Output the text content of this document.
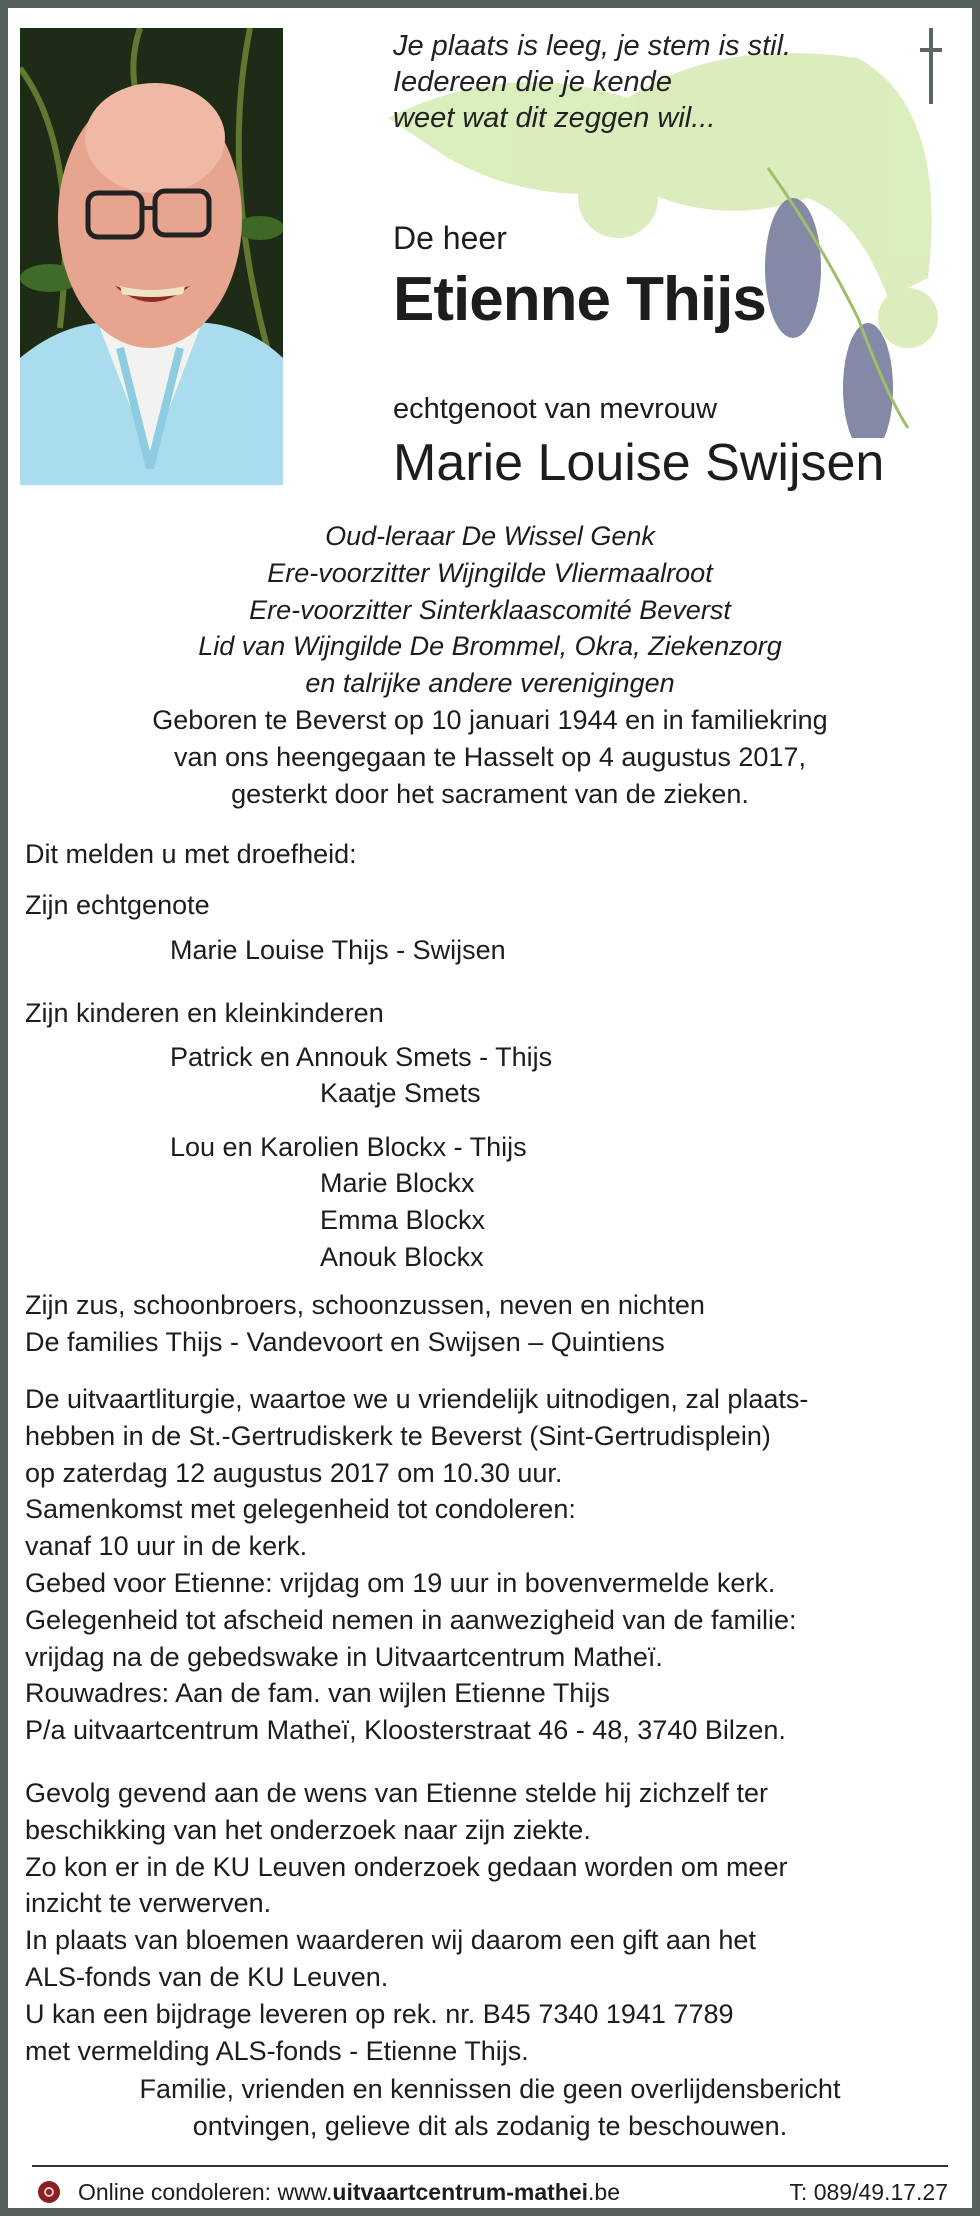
Je plaats is leeg, je stem is stil.
Iedereen die je kende
weet wat dit zeggen wil...
De heer
Etienne Thijs
echtgenoot van mevrouw
Marie Louise Swijsen
Oud-leraar De Wissel Genk
Ere-voorzitter Wijngilde Vliermaalroot
Ere-voorzitter Sinterklaascomité Beverst
Lid van Wijngilde De Brommel, Okra, Ziekenzorg
en talrijke andere verenigingen
Geboren te Beverst op 10 januari 1944 en in familiekring
van ons heengegaan te Hasselt op 4 augustus 2017,
gesterkt door het sacrament van de zieken.
Dit melden u met droefheid:
Zijn echtgenote
Marie Louise Thijs - Swijsen
Zijn kinderen en kleinkinderen
Patrick en Annouk Smets - Thijs
Kaatje Smets
Lou en Karolien Blockx - Thijs
Marie Blockx
Emma Blockx
Anouk Blockx
Zijn zus, schoonbroers, schoonzussen, neven en nichten
De families Thijs - Vandevoort en Swijsen – Quintiens
De uitvaartliturgie, waartoe we u vriendelijk uitnodigen, zal plaats-
hebben in de St.-Gertrudiskerk te Beverst (Sint-Gertrudisplein)
op zaterdag 12 augustus 2017 om 10.30 uur.
Samenkomst met gelegenheid tot condoleren:
vanaf 10 uur in de kerk.
Gebed voor Etienne: vrijdag om 19 uur in bovenvermelde kerk.
Gelegenheid tot afscheid nemen in aanwezigheid van de familie:
vrijdag na de gebedswake in Uitvaartcentrum Matheï.
Rouwadres: Aan de fam. van wijlen Etienne Thijs
P/a uitvaartcentrum Matheï, Kloosterstraat 46 - 48, 3740 Bilzen.
Gevolg gevend aan de wens van Etienne stelde hij zichzelf ter
beschikking van het onderzoek naar zijn ziekte.
Zo kon er in de KU Leuven onderzoek gedaan worden om meer
inzicht te verwerven.
In plaats van bloemen waarderen wij daarom een gift aan het
ALS-fonds van de KU Leuven.
U kan een bijdrage leveren op rek. nr. B45 7340 1941 7789
met vermelding ALS-fonds - Etienne Thijs.
Familie, vrienden en kennissen die geen overlijdensbericht
ontvingen, gelieve dit als zodanig te beschouwen.
Online condoleren: www.uitvaartcentrum-mathei.be	T: 089/49.17.27
